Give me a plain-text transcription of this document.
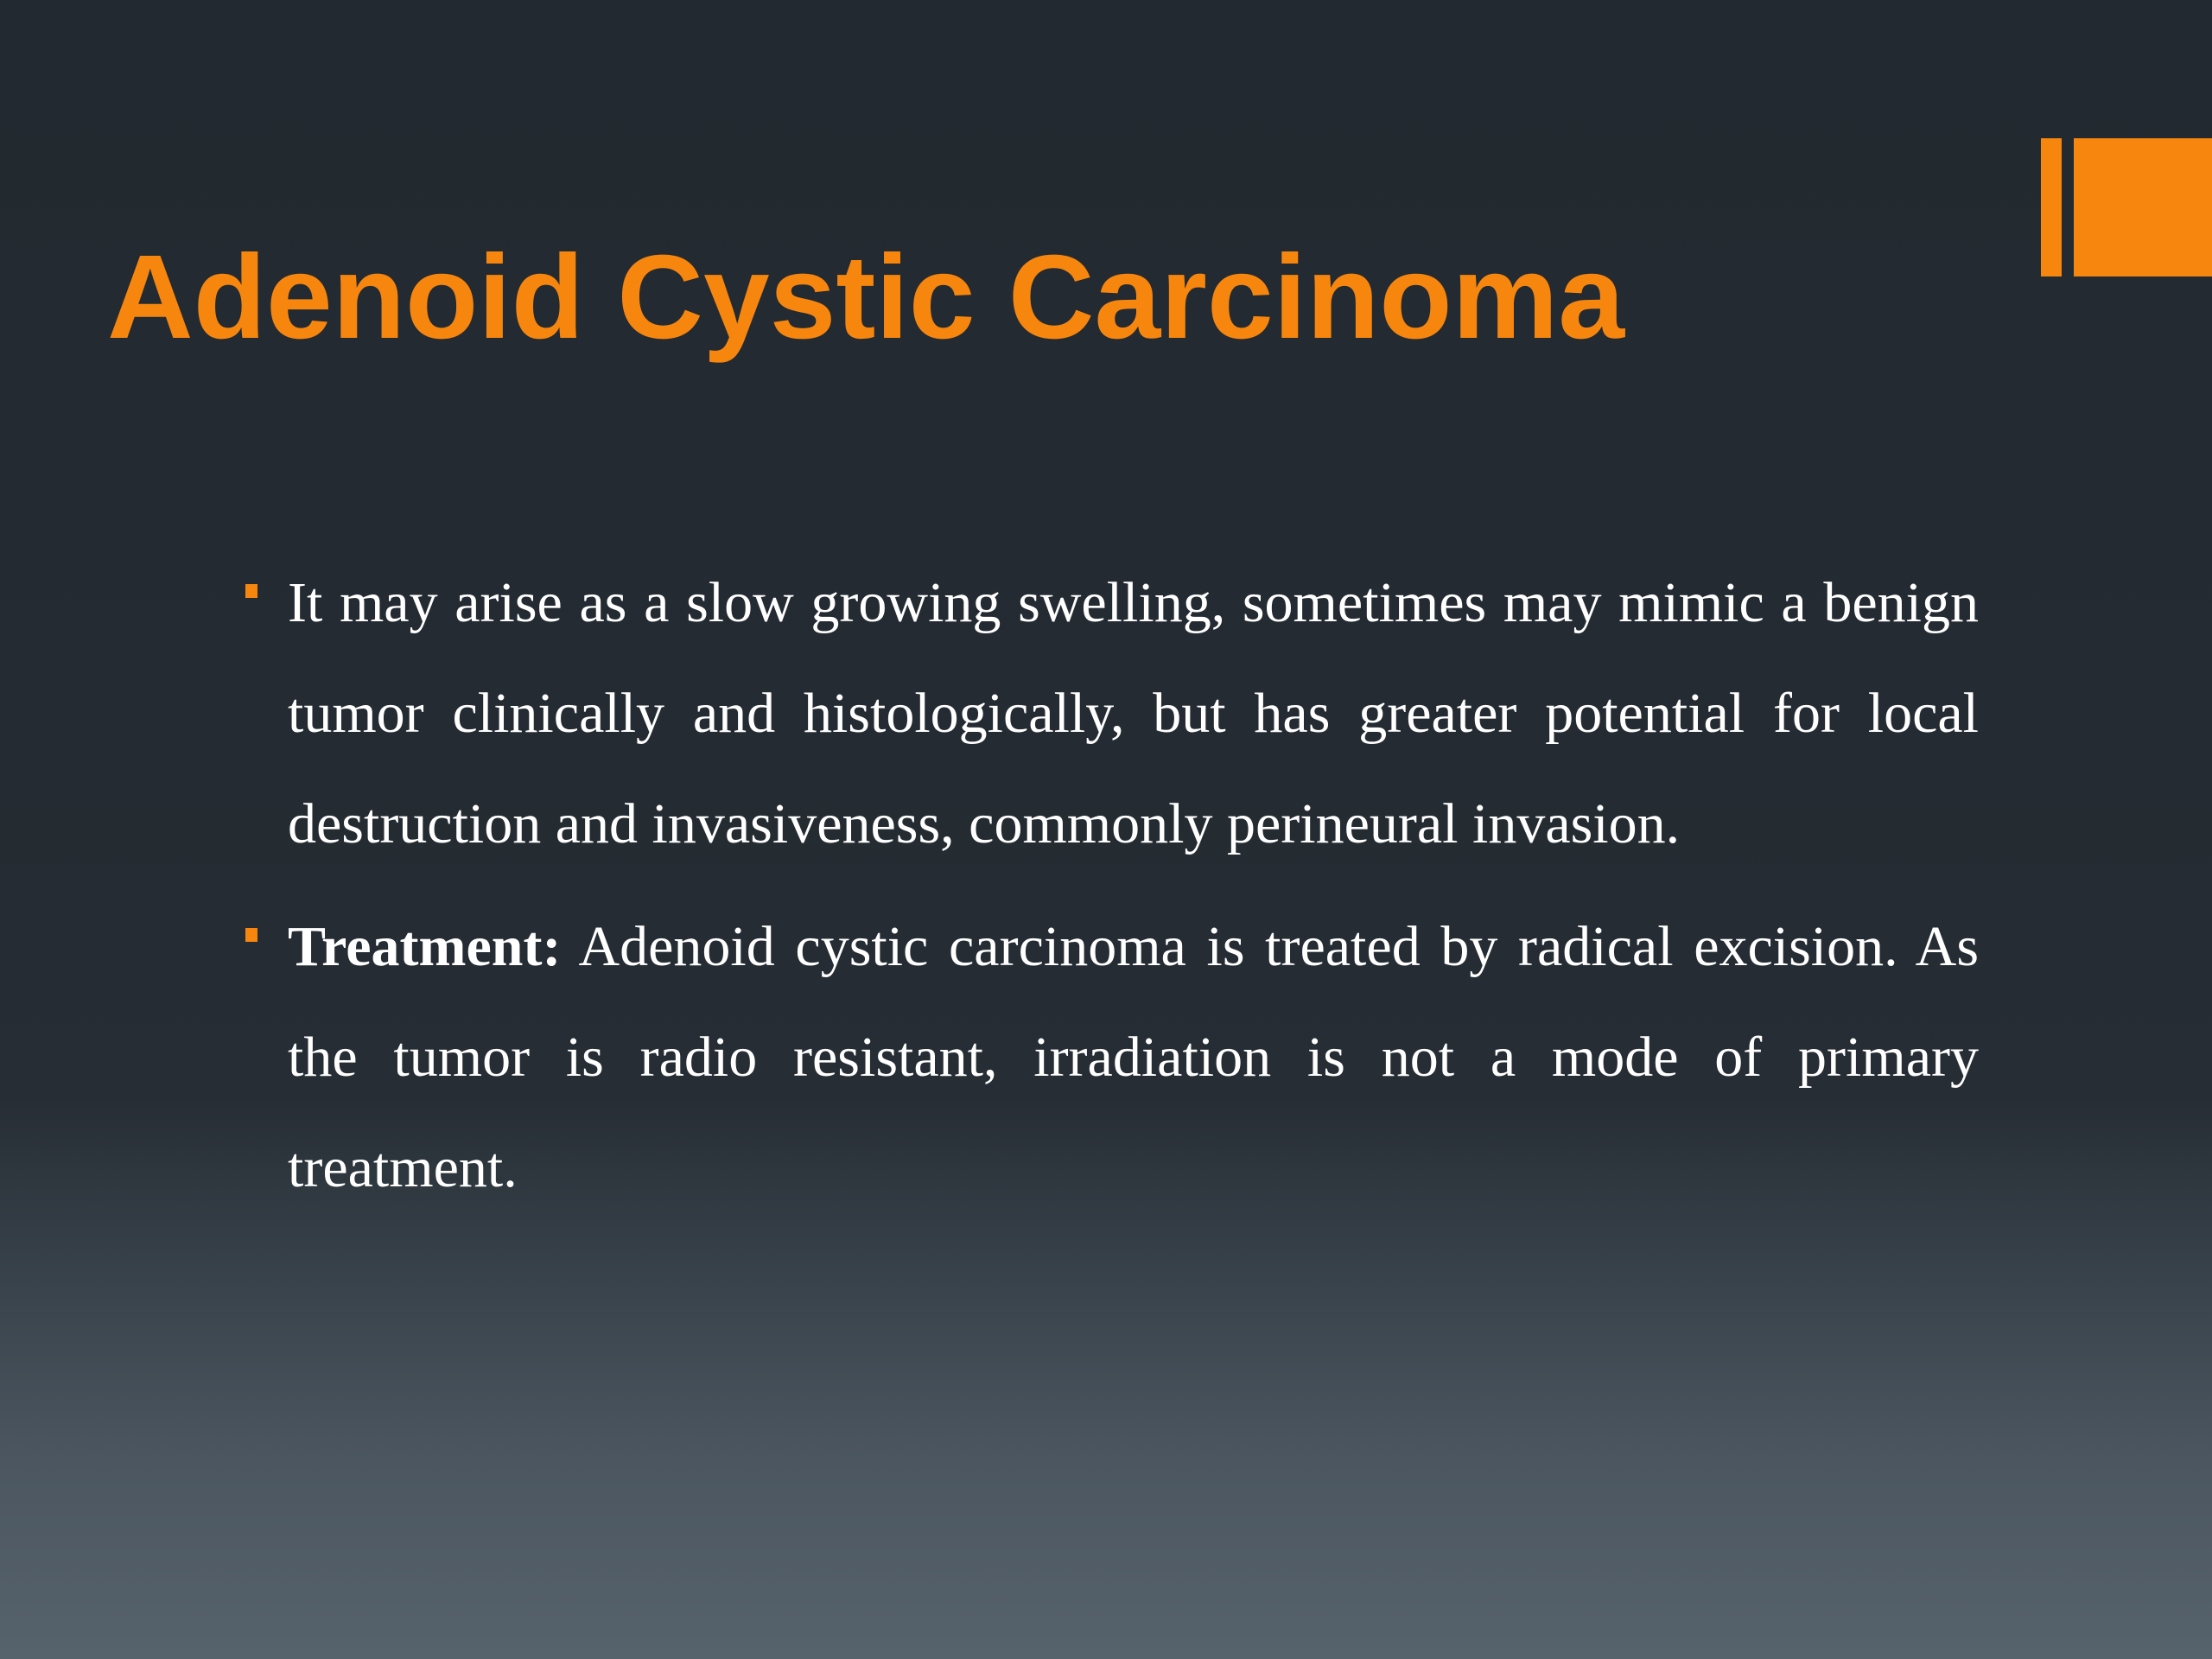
Adenoid Cystic Carcinoma
It may arise as a slow growing swelling, sometimes may mimic a benign tumor clinically and histologically, but has greater potential for local destruction and invasiveness, commonly perineural invasion.
Treatment: Adenoid cystic carcinoma is treated by radical excision. As the tumor is radio resistant, irradiation is not a mode of primary treatment.
